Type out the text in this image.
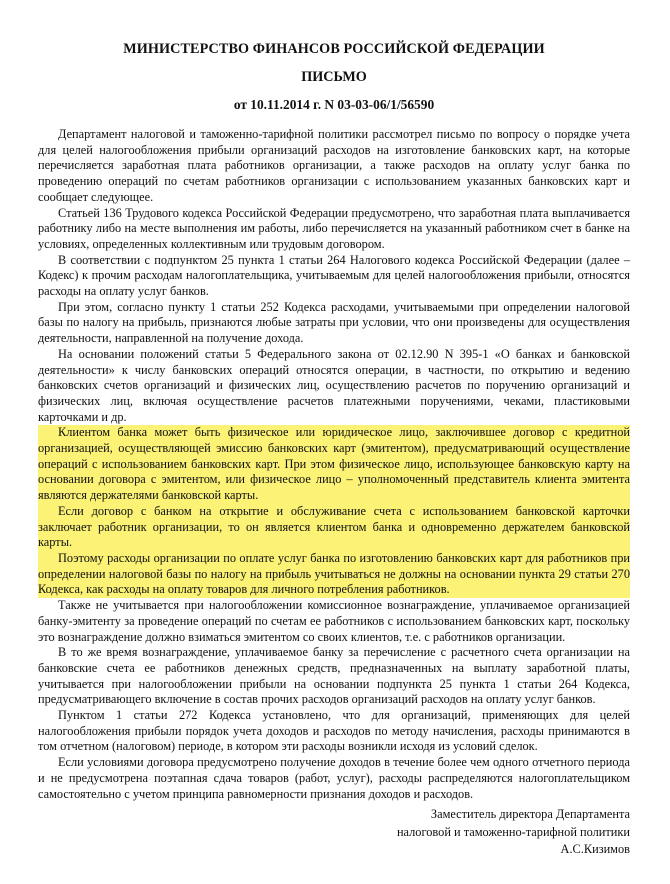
МИНИСТЕРСТВО ФИНАНСОВ РОССИЙСКОЙ ФЕДЕРАЦИИ
ПИСЬМО
от 10.11.2014 г. N 03-03-06/1/56590

Департамент налоговой и таможенно-тарифной политики рассмотрел письмо по вопросу о порядке учета для целей налогообложения прибыли организаций расходов на изготовление банковских карт, на которые перечисляется заработная плата работников организации, а также расходов на оплату услуг банка по проведению операций по счетам работников организации с использованием указанных банковских карт и сообщает следующее.

Статьей 136 Трудового кодекса Российской Федерации предусмотрено, что заработная плата выплачивается работнику либо на месте выполнения им работы, либо перечисляется на указанный работником счет в банке на условиях, определенных коллективным или трудовым договором.

В соответствии с подпунктом 25 пункта 1 статьи 264 Налогового кодекса Российской Федерации (далее – Кодекс) к прочим расходам налогоплательщика, учитываемым для целей налогообложения прибыли, относятся расходы на оплату услуг банков.

При этом, согласно пункту 1 статьи 252 Кодекса расходами, учитываемыми при определении налоговой базы по налогу на прибыль, признаются любые затраты при условии, что они произведены для осуществления деятельности, направленной на получение дохода.

На основании положений статьи 5 Федерального закона от 02.12.90 N 395-1 «О банках и банковской деятельности» к числу банковских операций относятся операции, в частности, по открытию и ведению банковских счетов организаций и физических лиц, осуществлению расчетов по поручению организаций и физических лиц, включая осуществление расчетов платежными поручениями, чеками, пластиковыми карточками и др.

Клиентом банка может быть физическое или юридическое лицо, заключившее договор с кредитной организацией, осуществляющей эмиссию банковских карт (эмитентом), предусматривающий осуществление операций с использованием банковских карт. При этом физическое лицо, использующее банковскую карту на основании договора с эмитентом, или физическое лицо – уполномоченный представитель клиента эмитента являются держателями банковской карты.

Если договор с банком на открытие и обслуживание счета с использованием банковской карточки заключает работник организации, то он является клиентом банка и одновременно держателем банковской карты.

Поэтому расходы организации по оплате услуг банка по изготовлению банковских карт для работников при определении налоговой базы по налогу на прибыль учитываться не должны на основании пункта 29 статьи 270 Кодекса, как расходы на оплату товаров для личного потребления работников.

Также не учитывается при налогообложении комиссионное вознаграждение, уплачиваемое организацией банку-эмитенту за проведение операций по счетам ее работников с использованием банковских карт, поскольку это вознаграждение должно взиматься эмитентом со своих клиентов, т.е. с работников организации.

В то же время вознаграждение, уплачиваемое банку за перечисление с расчетного счета организации на банковские счета ее работников денежных средств, предназначенных на выплату заработной платы, учитывается при налогообложении прибыли на основании подпункта 25 пункта 1 статьи 264 Кодекса, предусматривающего включение в состав прочих расходов организаций расходов на оплату услуг банков.

Пунктом 1 статьи 272 Кодекса установлено, что для организаций, применяющих для целей налогообложения прибыли порядок учета доходов и расходов по методу начисления, расходы принимаются в том отчетном (налоговом) периоде, в котором эти расходы возникли исходя из условий сделок.

Если условиями договора предусмотрено получение доходов в течение более чем одного отчетного периода и не предусмотрена поэтапная сдача товаров (работ, услуг), расходы распределяются налогоплательщиком самостоятельно с учетом принципа равномерности признания доходов и расходов.

Заместитель директора Департамента
налоговой и таможенно-тарифной политики
А.С.Кизимов
